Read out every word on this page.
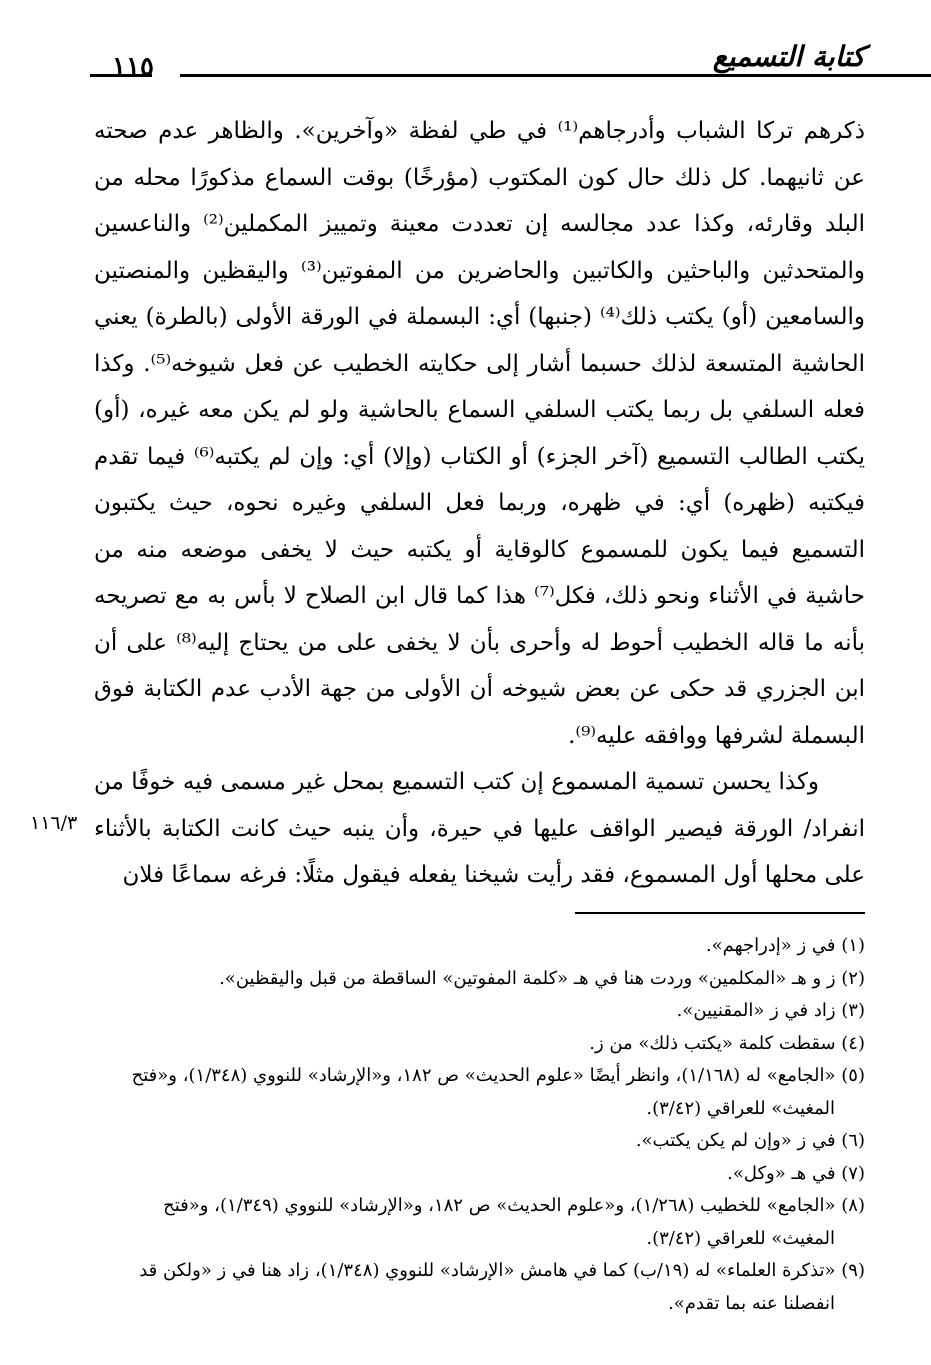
كتابة التسميع
١١٥

ذكرهم تركا الشباب وأدرجاهم⁽¹⁾ في طي لفظة «وآخرين». والظاهر عدم صحته عن ثانيهما. كل ذلك حال كون المكتوب (مؤرخًا) بوقت السماع مذكورًا محله من البلد وقارئه، وكذا عدد مجالسه إن تعددت معينة وتمييز المكملين⁽²⁾ والناعسين والمتحدثين والباحثين والكاتبين والحاضرين من المفوتين⁽³⁾ واليقظين والمنصتين والسامعين (أو) يكتب ذلك⁽⁴⁾ (جنبها) أي: البسملة في الورقة الأولى (بالطرة) يعني الحاشية المتسعة لذلك حسبما أشار إلى حكايته الخطيب عن فعل شيوخه⁽⁵⁾. وكذا فعله السلفي بل ربما يكتب السلفي السماع بالحاشية ولو لم يكن معه غيره، (أو) يكتب الطالب التسميع (آخر الجزء) أو الكتاب (وإلا) أي: وإن لم يكتبه⁽⁶⁾ فيما تقدم فيكتبه (ظهره) أي: في ظهره، وربما فعل السلفي وغيره نحوه، حيث يكتبون التسميع فيما يكون للمسموع كالوقاية أو يكتبه حيث لا يخفى موضعه منه من حاشية في الأثناء ونحو ذلك، فكل⁽⁷⁾ هذا كما قال ابن الصلاح لا بأس به مع تصريحه بأنه ما قاله الخطيب أحوط له وأحرى بأن لا يخفى على من يحتاج إليه⁽⁸⁾ على أن ابن الجزري قد حكى عن بعض شيوخه أن الأولى من جهة الأدب عدم الكتابة فوق البسملة لشرفها ووافقه عليه⁽⁹⁾.

وكذا يحسن تسمية المسموع إن كتب التسميع بمحل غير مسمى فيه خوفًا من انفراد/ الورقة فيصير الواقف عليها في حيرة، وأن ينبه حيث كانت الكتابة بالأثناء على محلها أول المسموع، فقد رأيت شيخنا يفعله فيقول مثلًا: فرغه سماعًا فلان

١١٦/٣

(١) في ز «إدراجهم».

(٢) ز و هـ «المكلمين» وردت هنا في هـ «كلمة المفوتين» الساقطة من قبل واليقظين».

(٣) زاد في ز «المقنيين».

(٤) سقطت كلمة «يكتب ذلك» من ز.

(٥) «الجامع» له (١/١٦٨)، وانظر أيضًا «علوم الحديث» ص ١٨٢، و«الإرشاد» للنووي (١/٣٤٨)، و«فتح المغيث» للعراقي (٣/٤٢).

(٦) في ز «وإن لم يكن يكتب».

(٧) في هـ «وكل».

(٨) «الجامع» للخطيب (١/٢٦٨)، و«علوم الحديث» ص ١٨٢، و«الإرشاد» للنووي (١/٣٤٩)، و«فتح المغيث» للعراقي (٣/٤٢).

(٩) «تذكرة العلماء» له (١٩/ب) كما في هامش «الإرشاد» للنووي (١/٣٤٨)، زاد هنا في ز «ولكن قد انفصلنا عنه بما تقدم».
